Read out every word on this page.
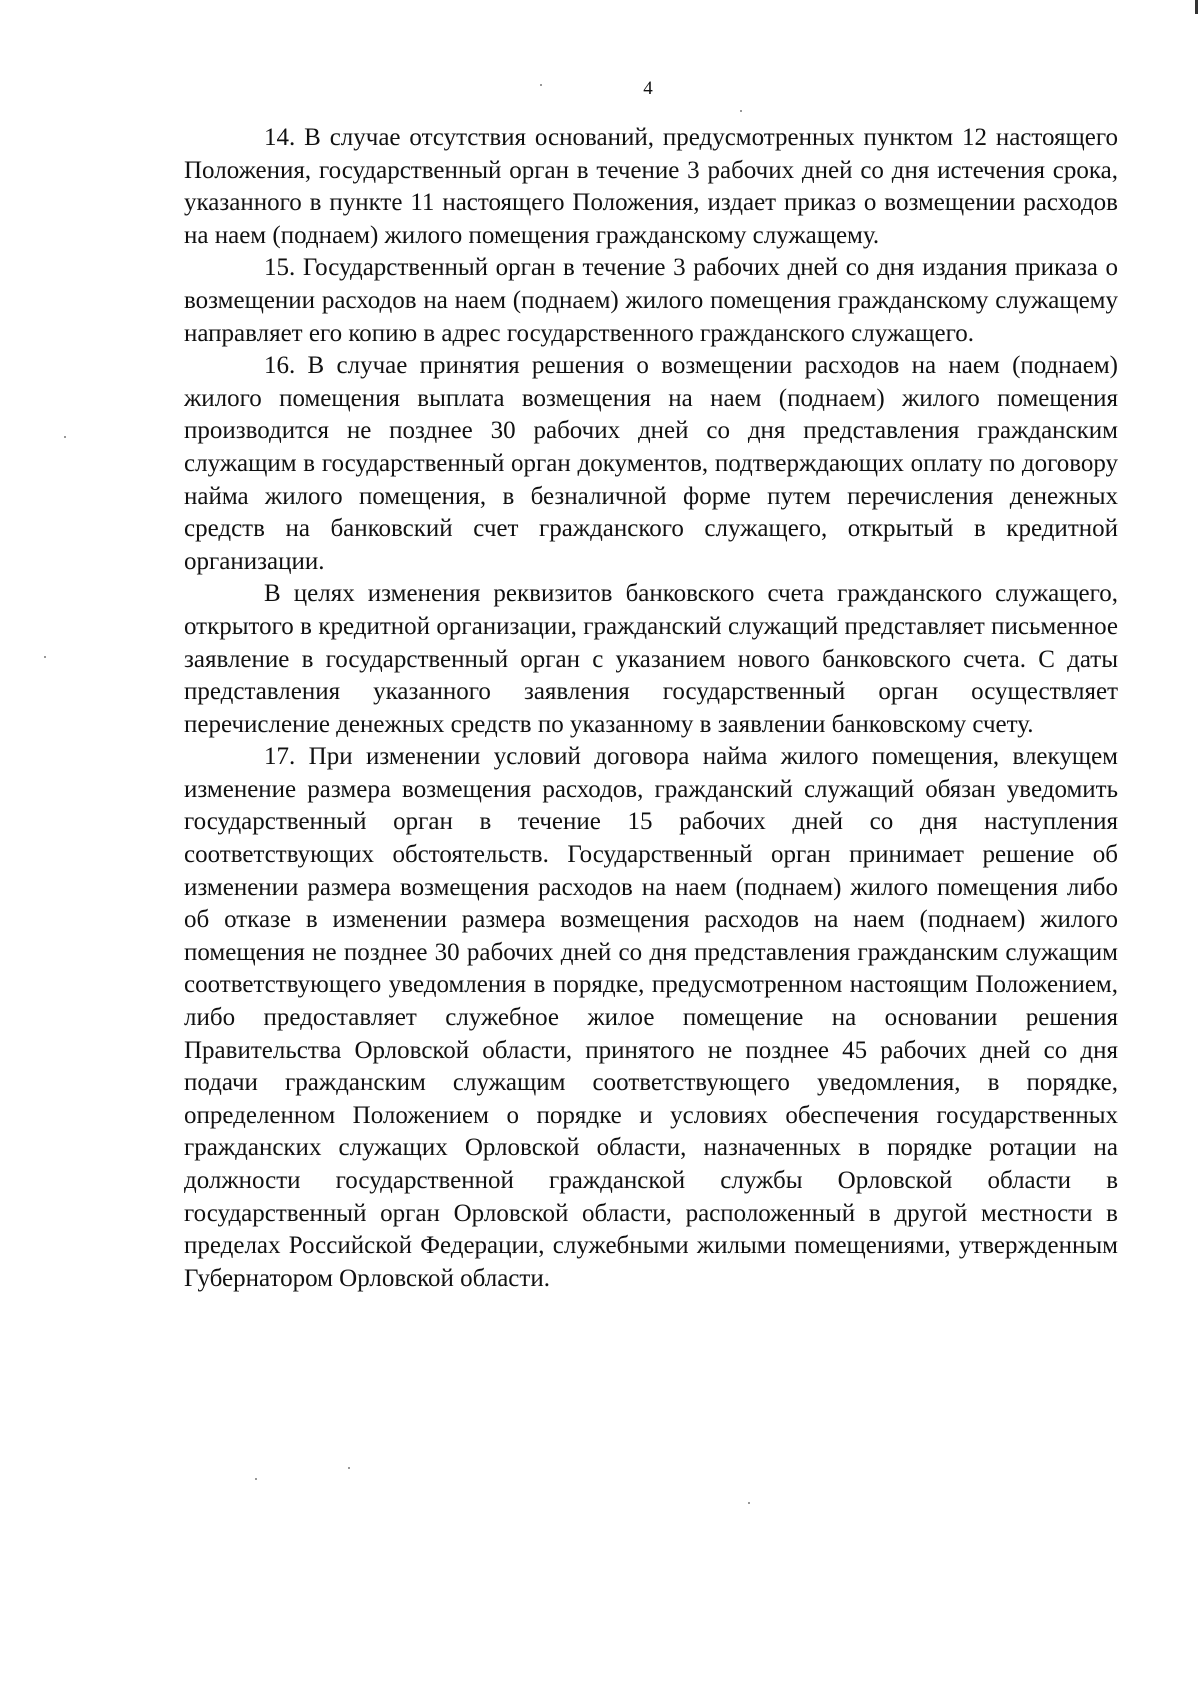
4

14. В случае отсутствия оснований, предусмотренных пунктом 12 настоящего Положения, государственный орган в течение 3 рабочих дней со дня истечения срока, указанного в пункте 11 настоящего Положения, издает приказ о возмещении расходов на наем (поднаем) жилого помещения гражданскому служащему.

15. Государственный орган в течение 3 рабочих дней со дня издания приказа о возмещении расходов на наем (поднаем) жилого помещения гражданскому служащему направляет его копию в адрес государственного гражданского служащего.

16. В случае принятия решения о возмещении расходов на наем (поднаем) жилого помещения выплата возмещения на наем (поднаем) жилого помещения производится не позднее 30 рабочих дней со дня представления гражданским служащим в государственный орган документов, подтверждающих оплату по договору найма жилого помещения, в безналичной форме путем перечисления денежных средств на банковский счет гражданского служащего, открытый в кредитной организации.

В целях изменения реквизитов банковского счета гражданского служащего, открытого в кредитной организации, гражданский служащий представляет письменное заявление в государственный орган с указанием нового банковского счета. С даты представления указанного заявления государственный орган осуществляет перечисление денежных средств по указанному в заявлении банковскому счету.

17. При изменении условий договора найма жилого помещения, влекущем изменение размера возмещения расходов, гражданский служащий обязан уведомить государственный орган в течение 15 рабочих дней со дня наступления соответствующих обстоятельств. Государственный орган принимает решение об изменении размера возмещения расходов на наем (поднаем) жилого помещения либо об отказе в изменении размера возмещения расходов на наем (поднаем) жилого помещения не позднее 30 рабочих дней со дня представления гражданским служащим соответствующего уведомления в порядке, предусмотренном настоящим Положением, либо предоставляет служебное жилое помещение на основании решения Правительства Орловской области, принятого не позднее 45 рабочих дней со дня подачи гражданским служащим соответствующего уведомления, в порядке, определенном Положением о порядке и условиях обеспечения государственных гражданских служащих Орловской области, назначенных в порядке ротации на должности государственной гражданской службы Орловской области в государственный орган Орловской области, расположенный в другой местности в пределах Российской Федерации, служебными жилыми помещениями, утвержденным Губернатором Орловской области.
